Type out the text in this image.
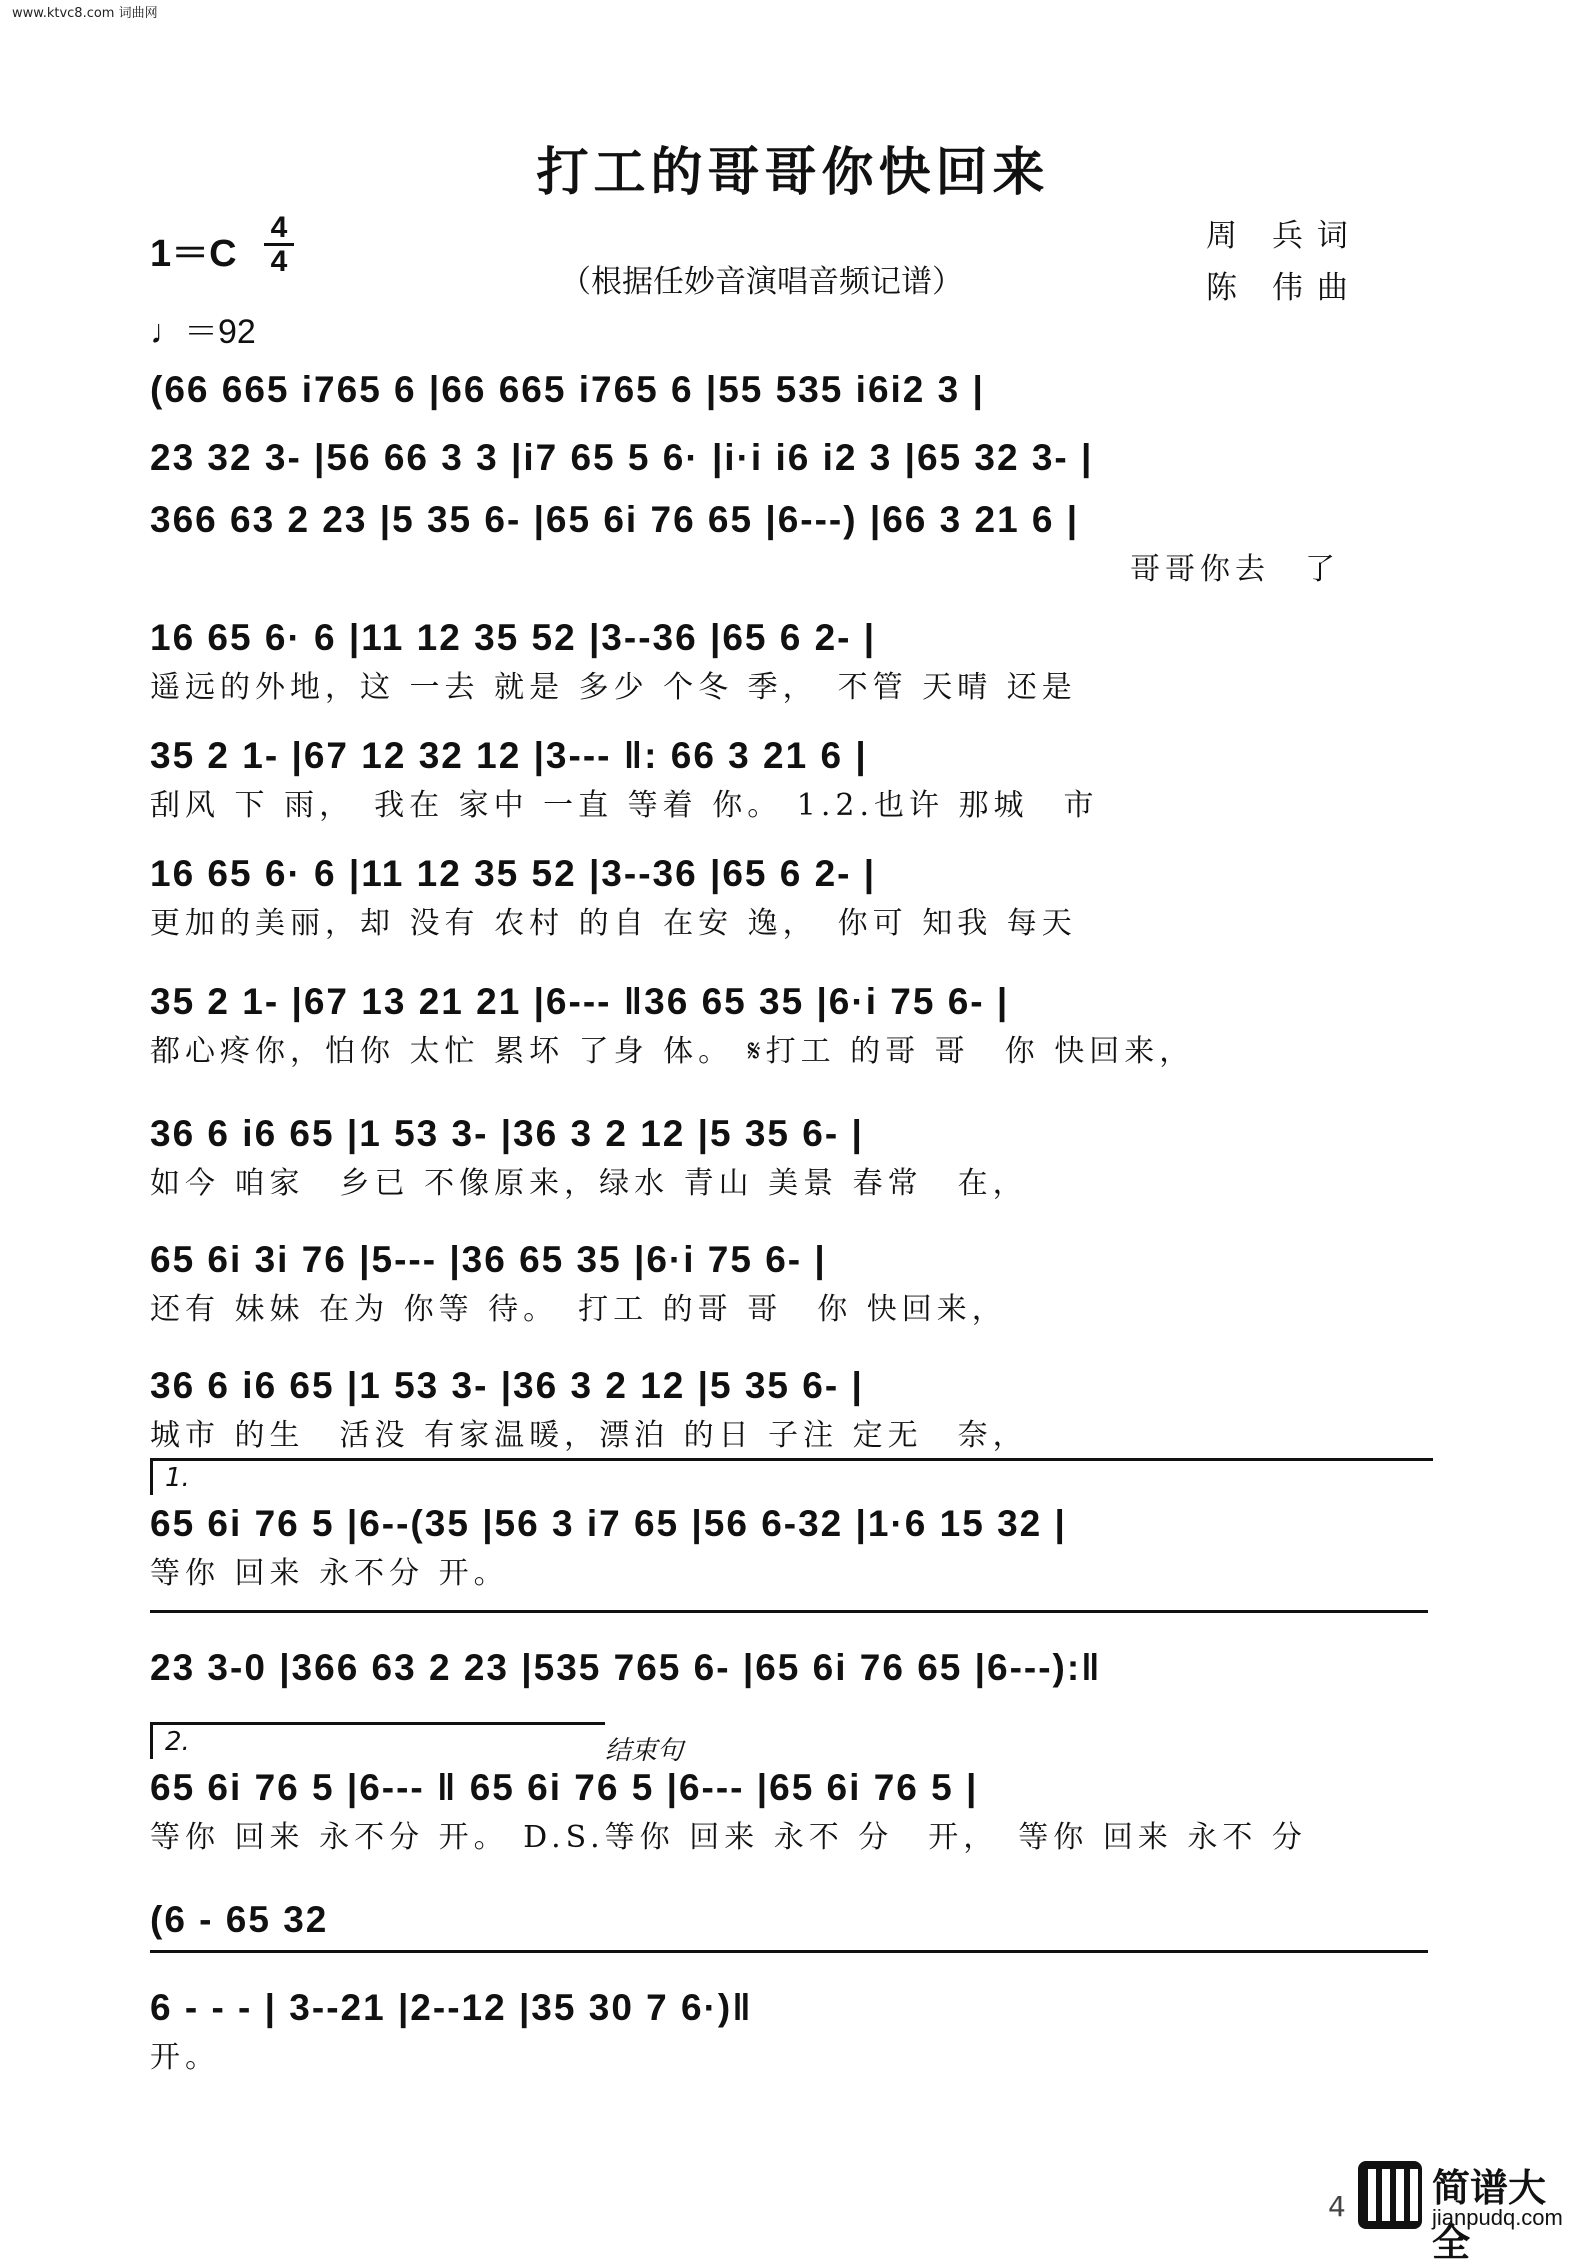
www.ktvc8.com 词曲网
打工的哥哥你快回来
1＝C
4
4
（根据任妙音演唱音频记谱）
周　兵 词
陈　伟 曲
♩＝92
(66 665 i765 6 |66 665 i765 6 |55 535 i6i2 3 |
23 32 3- |56 66 3 3 |i7 65 5 6· |i·i i6 i2 3 |65 32 3- |
366 63 2 23 |5 35 6- |65 6i 76 65 |6---) |66 3 21 6 |
哥哥你去　了
16 65 6· 6 |11 12 35 52 |3--36 |65 6 2- |
遥远的外地，这 一去 就是 多少 个冬 季，　不管 天晴 还是
35 2 1- |67 12 32 12 |3--- ‖: 66 3 21 6 |
刮风 下 雨，　我在 家中 一直 等着 你。 1.2.也许 那城　市
16 65 6· 6 |11 12 35 52 |3--36 |65 6 2- |
更加的美丽，却 没有 农村 的自 在安 逸，　你可 知我 每天
35 2 1- |67 13 21 21 |6--- ‖36 65 35 |6·i 75 6- |
都心疼你，怕你 太忙 累坏 了身 体。 𝄋打工 的哥 哥　你 快回来，
36 6 i6 65 |1 53 3- |36 3 2 12 |5 35 6- |
如今 咱家　乡已 不像原来，绿水 青山 美景 春常　在，
65 6i 3i 76 |5--- |36 65 35 |6·i 75 6- |
还有 妹妹 在为 你等 待。　打工 的哥 哥　你 快回来，
36 6 i6 65 |1 53 3- |36 3 2 12 |5 35 6- |
城市 的生　活没 有家温暖，漂泊 的日 子注 定无　奈，
1.
65 6i 76 5 |6--(35 |56 3 i7 65 |56 6-32 |1·6 15 32 |
等你 回来 永不分 开。
23 3-0 |366 63 2 23 |535 765 6- |65 6i 76 65 |6---):‖
2.	结束句
65 6i 76 5 |6--- ‖ 65 6i 76 5 |6--- |65 6i 76 5 |
等你 回来 永不分 开。 D.S.等你 回来 永不 分　开，　等你 回来 永不 分
(6 - 65 32
6 - - - | 3--21 |2--12 |35 30 7 6·)‖
开。
4 简谱大全
jianpudq.com
